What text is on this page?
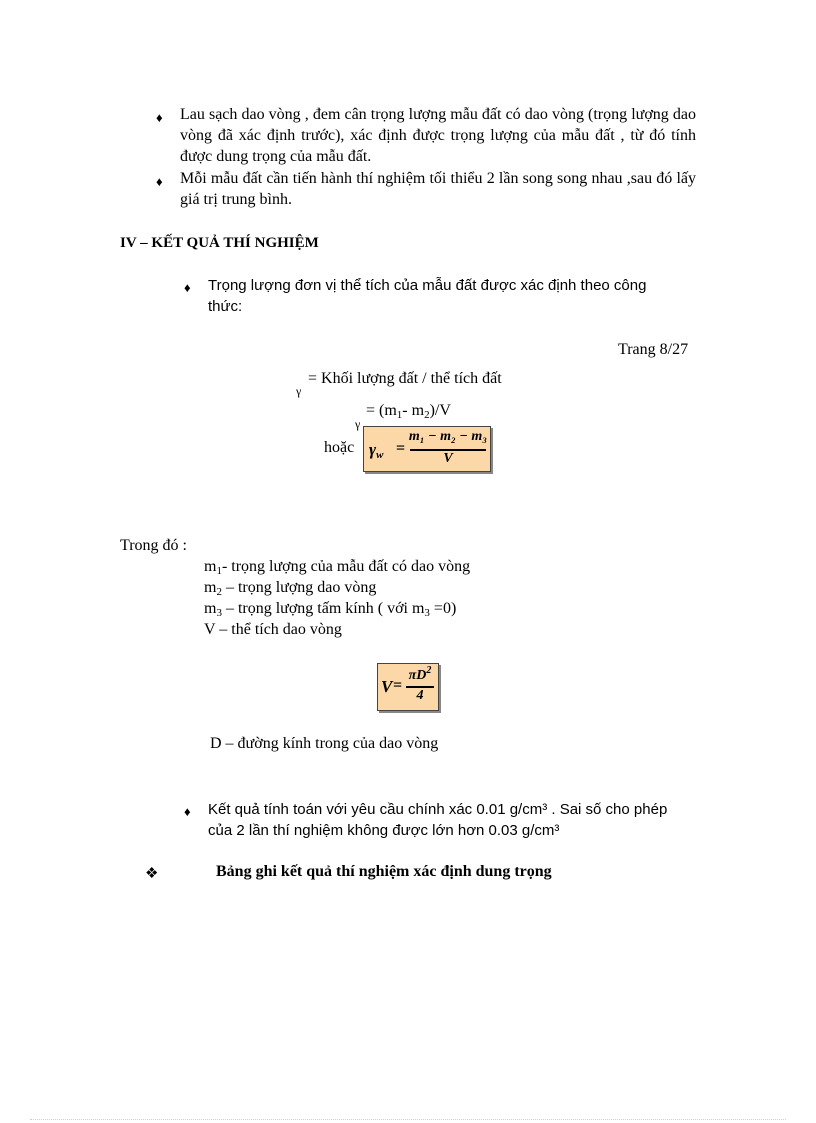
♦ Lau sạch dao vòng , đem cân trọng lượng mẫu đất có dao vòng (trọng lượng dao vòng đã xác định trước), xác định được trọng lượng của mẫu đất , từ đó tính được dung trọng của mẫu đất.
♦ Mỗi mẫu đất cần tiến hành thí nghiệm tối thiểu 2 lần song song nhau ,sau đó lấy giá trị trung bình.
IV – KẾT QUẢ THÍ NGHIỆM
♦ Trọng lượng đơn vị thể tích của mẫu đất được xác định theo công thức:
Trang 8/27
γ
= Khối lượng đất / thể tích đất
γ
= ($m_1-$ $m_2)/V$
hoặc $\gamma_w$ =
m₁ − m₂ − m₃
V
Trong đó :
$m_1-$ trọng lượng của mẫu đất có dao vòng
$m_2$ – trọng lượng dao vòng
$m_3$ – trọng lượng tấm kính ( với $m_3 =0$)
V – thể tích dao vòng
V =
$\pi D^2$
4
D – đường kính trong của dao vòng
♦ Kết quả tính toán với yêu cầu chính xác 0.01 g/cm³ . Sai số cho phép
của 2 lần thí nghiệm không được lớn hơn 0.03 g/cm³
❖	Bảng ghi kết quả thí nghiệm xác định dung trọng
